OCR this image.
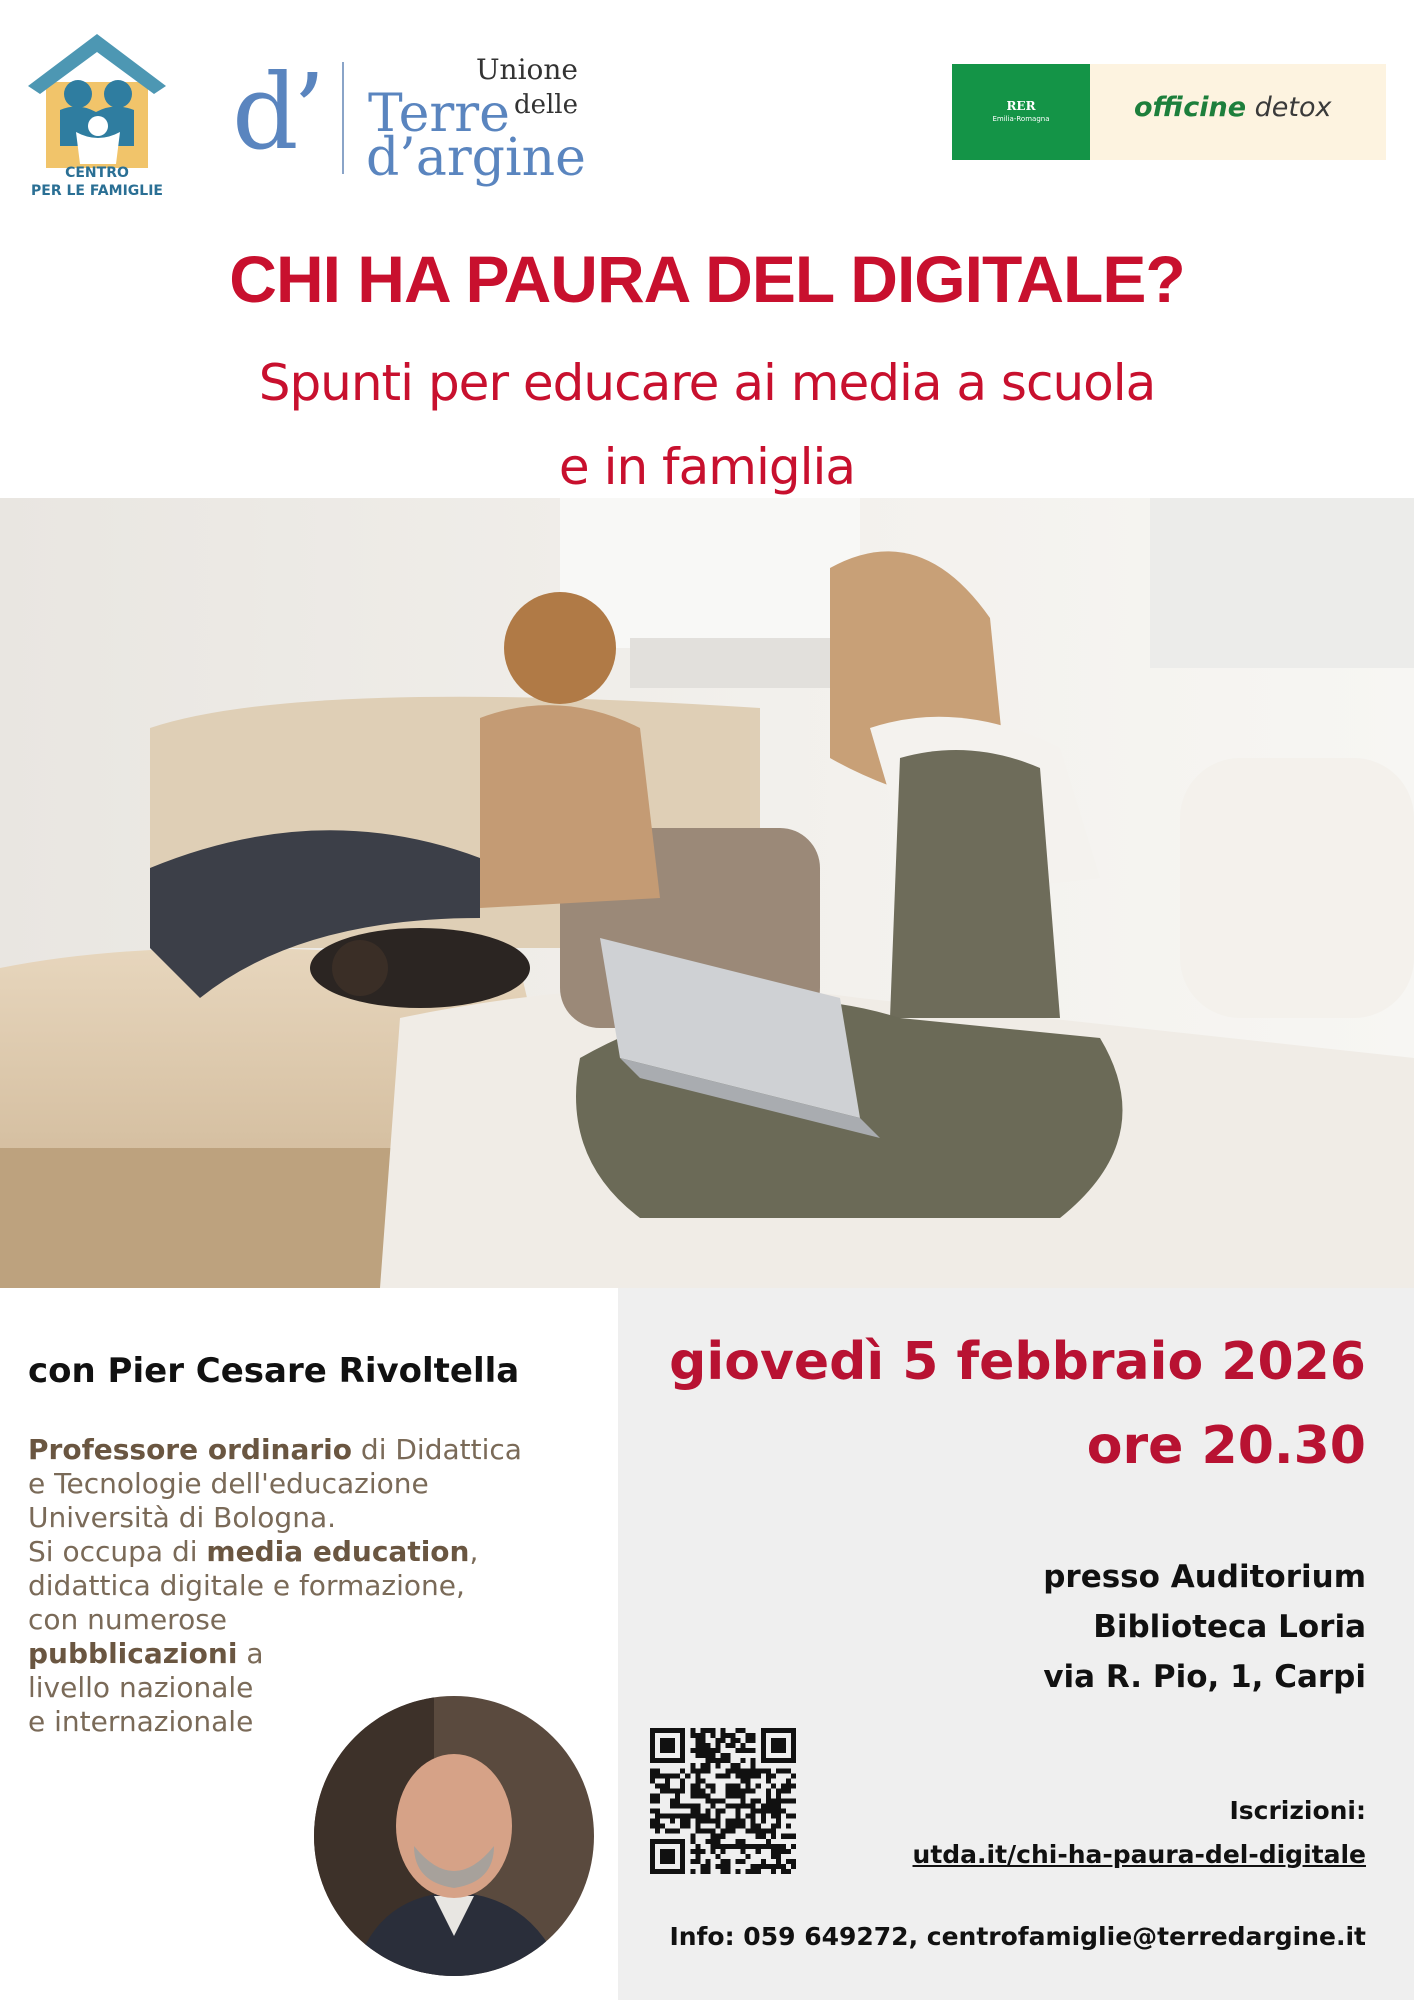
CENTRO
PER LE FAMIGLIE
d’	Unione
delle
Terre
d’argine
RER
Emilia-Romagna	officine detox
CHI HA PAURA DEL DIGITALE?
Spunti per educare ai media a scuola
e in famiglia
con Pier Cesare Rivoltella
Professore ordinario di Didattica
e Tecnologie dell'educazione
Università di Bologna.
Si occupa di media education,
didattica digitale e formazione,
con numerose
pubblicazioni a
livello nazionale
e internazionale
giovedì 5 febbraio 2026
ore 20.30
presso Auditorium
Biblioteca Loria
via R. Pio, 1, Carpi
Iscrizioni:
utda.it/chi-ha-paura-del-digitale
Info: 059 649272, centrofamiglie@terredargine.it
